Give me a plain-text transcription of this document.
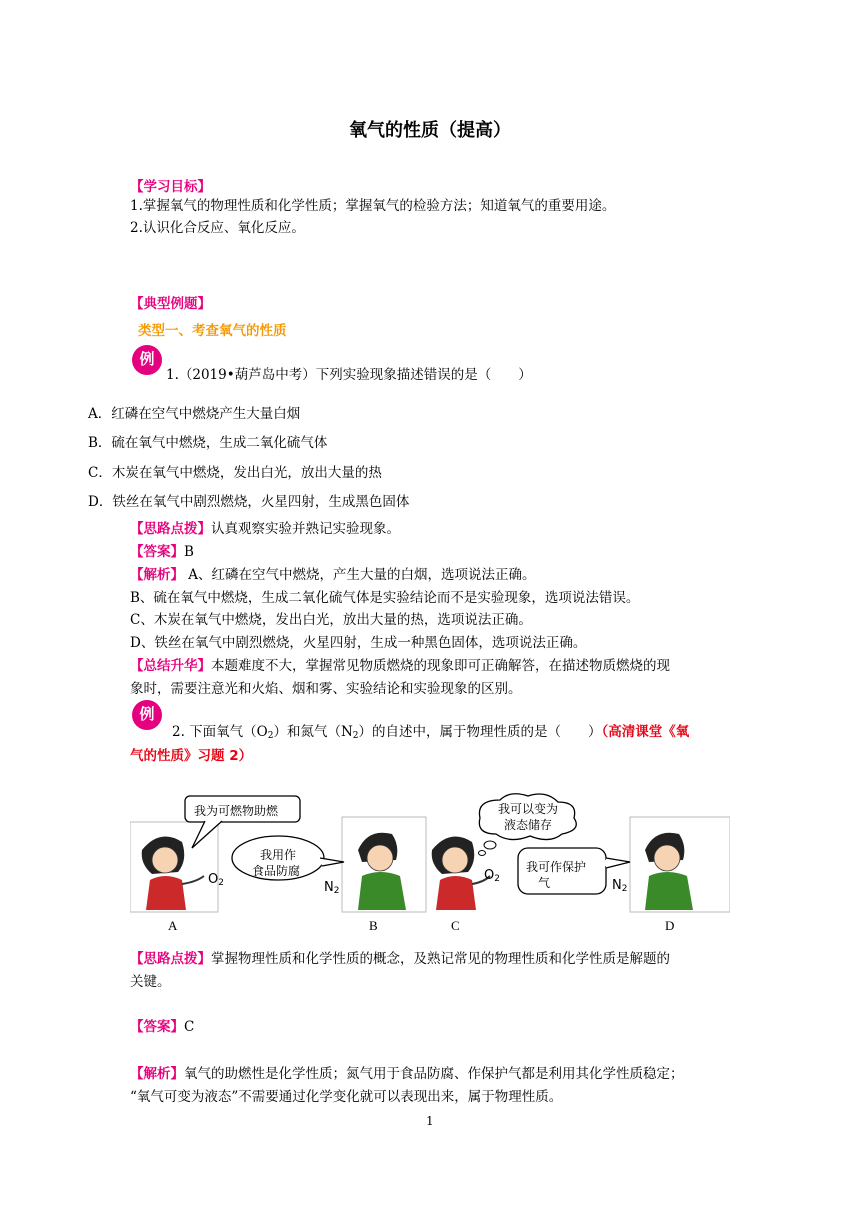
氧气的性质（提高）
【学习目标】
1.掌握氧气的物理性质和化学性质；掌握氧气的检验方法；知道氧气的重要用途。
2.认识化合反应、氧化反应。
【典型例题】
类型一、考查氧气的性质
例
1.（2019•葫芦岛中考）下列实验现象描述错误的是（　　）
A．红磷在空气中燃烧产生大量白烟
B．硫在氧气中燃烧，生成二氧化硫气体
C．木炭在氧气中燃烧，发出白光，放出大量的热
D．铁丝在氧气中剧烈燃烧，火星四射，生成黑色固体
【思路点拨】认真观察实验并熟记实验现象。
【答案】B
【解析】 A、红磷在空气中燃烧，产生大量的白烟，选项说法正确。
B、硫在氧气中燃烧，生成二氧化硫气体是实验结论而不是实验现象，选项说法错误。
C、木炭在氧气中燃烧，发出白光，放出大量的热，选项说法正确。
D、铁丝在氧气中剧烈燃烧，火星四射，生成一种黑色固体，选项说法正确。
【总结升华】本题难度不大，掌握常见物质燃烧的现象即可正确解答，在描述物质燃烧的现
象时，需要注意光和火焰、烟和雾、实验结论和实验现象的区别。
例
2. 下面氧气$(O_2)$和氮气$(N_2)$的自述中，属于物理性质的是（　　）（高清课堂《氧
气的性质》习题 2）
我为可燃物助燃
我用作
食品防腐
我可以变为
液态储存
我可作保护
气
$O_2$	$N_2$
$O_2$	$N_2$
A	B	C	D
【思路点拨】掌握物理性质和化学性质的概念，及熟记常见的物理性质和化学性质是解题的
关键。
【答案】C
【解析】氧气的助燃性是化学性质；氮气用于食品防腐、作保护气都是利用其化学性质稳定；
“氧气可变为液态”不需要通过化学变化就可以表现出来，属于物理性质。
1
